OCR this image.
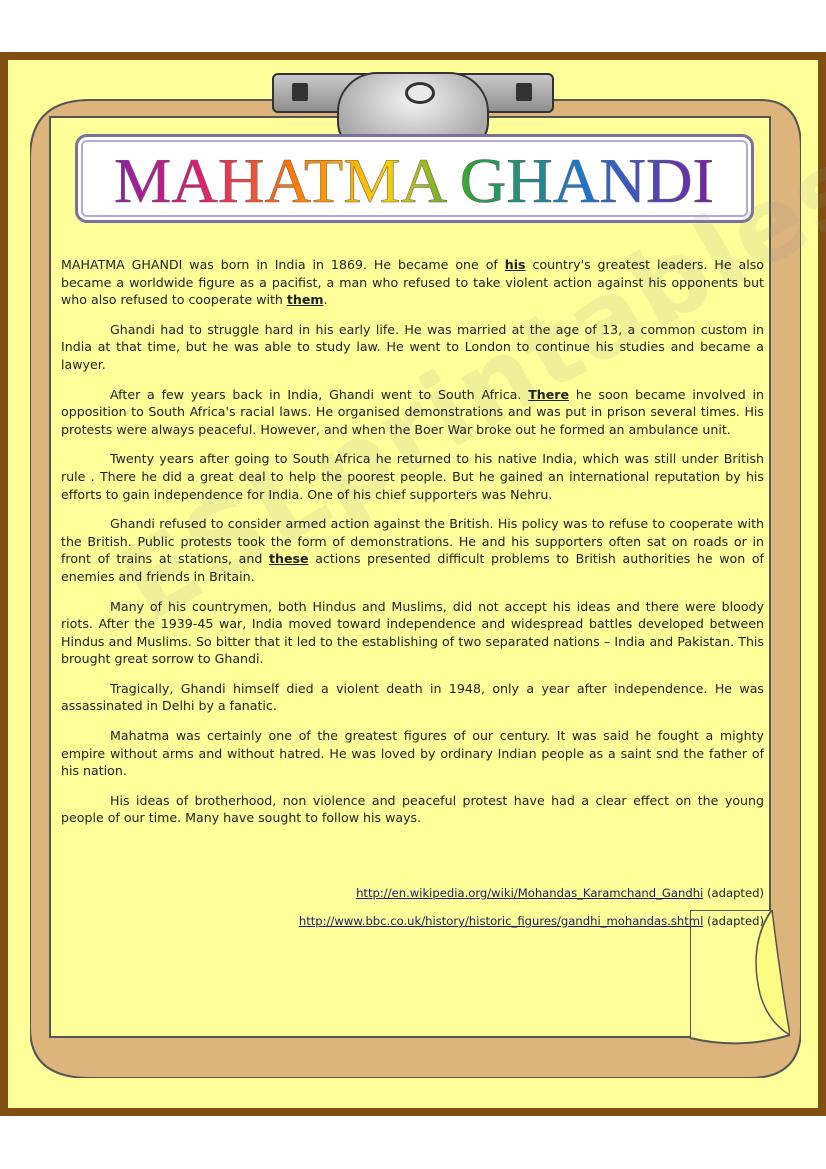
MAHATMA GHANDI

MAHATMA GHANDI was born in India in 1869. He became one of his country's greatest leaders. He also became a worldwide figure as a pacifist, a man who refused to take violent action against his opponents but who also refused to cooperate with them.

Ghandi had to struggle hard in his early life. He was married at the age of 13, a common custom in India at that time, but he was able to study law. He went to London to continue his studies and became a lawyer.

After a few years back in India, Ghandi went to South Africa. There he soon became involved in opposition to South Africa's racial laws. He organised demonstrations and was put in prison several times. His protests were always peaceful. However, and when the Boer War broke out he formed an ambulance unit.

Twenty years after going to South Africa he returned to his native India, which was still under British rule . There he did a great deal to help the poorest people. But he gained an international reputation by his efforts to gain independence for India. One of his chief supporters was Nehru.

Ghandi refused to consider armed action against the British. His policy was to refuse to cooperate with the British. Public protests took the form of demonstrations. He and his supporters often sat on roads or in front of trains at stations, and these actions presented difficult problems to British authorities he won of enemies and friends in Britain.

Many of his countrymen, both Hindus and Muslims, did not accept his ideas and there were bloody riots. After the 1939-45 war, India moved toward independence and widespread battles developed between Hindus and Muslims. So bitter that it led to the establishing of two separated nations – India and Pakistan. This brought great sorrow to Ghandi.

Tragically, Ghandi himself died a violent death in 1948, only a year after independence. He was assassinated in Delhi by a fanatic.

Mahatma was certainly one of the greatest figures of our century. It was said he fought a mighty empire without arms and without hatred. He was loved by ordinary Indian people as a saint snd the father of his nation.

His ideas of brotherhood, non violence and peaceful protest have had a clear effect on the young people of our time. Many have sought to follow his ways.

http://en.wikipedia.org/wiki/Mohandas_Karamchand_Gandhi (adapted)

http://www.bbc.co.uk/history/historic_figures/gandhi_mohandas.shtml (adapted)
